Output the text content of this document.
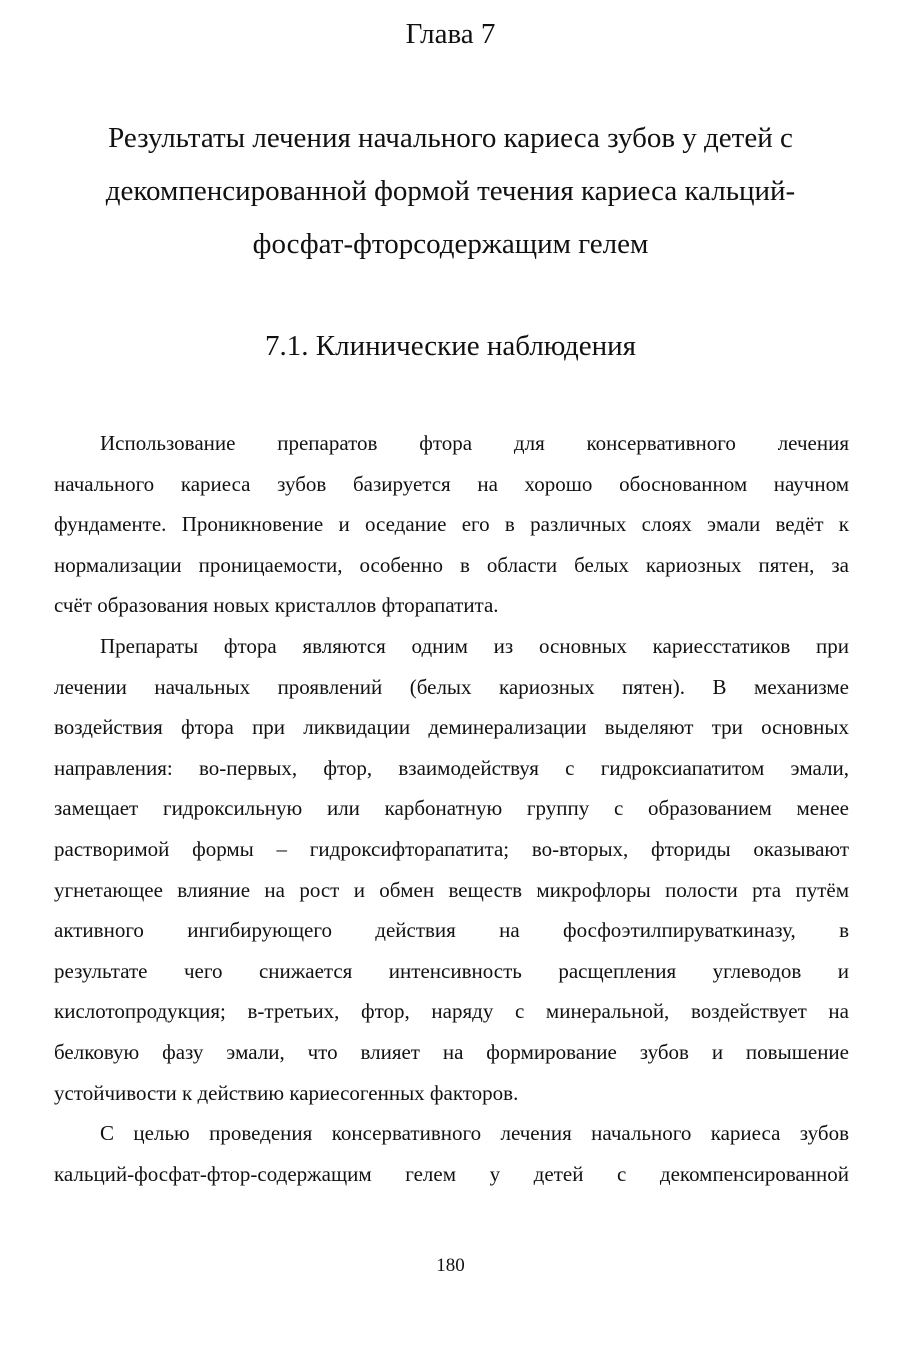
Глава 7
Результаты лечения начального кариеса зубов у детей с
декомпенсированной формой течения кариеса кальций-
фосфат-фторсодержащим гелем
7.1. Клинические наблюдения
Использование препаратов фтора для консервативного лечения
начального кариеса зубов базируется на хорошо обоснованном научном
фундаменте. Проникновение и оседание его в различных слоях эмали ведёт к
нормализации проницаемости, особенно в области белых кариозных пятен, за
счёт образования новых кристаллов фторапатита.
Препараты фтора являются одним из основных кариесстатиков при
лечении начальных проявлений (белых кариозных пятен). В механизме
воздействия фтора при ликвидации деминерализации выделяют три основных
направления: во-первых, фтор, взаимодействуя с гидроксиапатитом эмали,
замещает гидроксильную или карбонатную группу с образованием менее
растворимой формы – гидроксифторапатита; во-вторых, фториды оказывают
угнетающее влияние на рост и обмен веществ микрофлоры полости рта путём
активного ингибирующего действия на фосфоэтилпируваткиназу, в
результате чего снижается интенсивность расщепления углеводов и
кислотопродукция; в-третьих, фтор, наряду с минеральной, воздействует на
белковую фазу эмали, что влияет на формирование зубов и повышение
устойчивости к действию кариесогенных факторов.
С целью проведения консервативного лечения начального кариеса зубов
кальций-фосфат-фтор-содержащим гелем у детей с декомпенсированной
180
